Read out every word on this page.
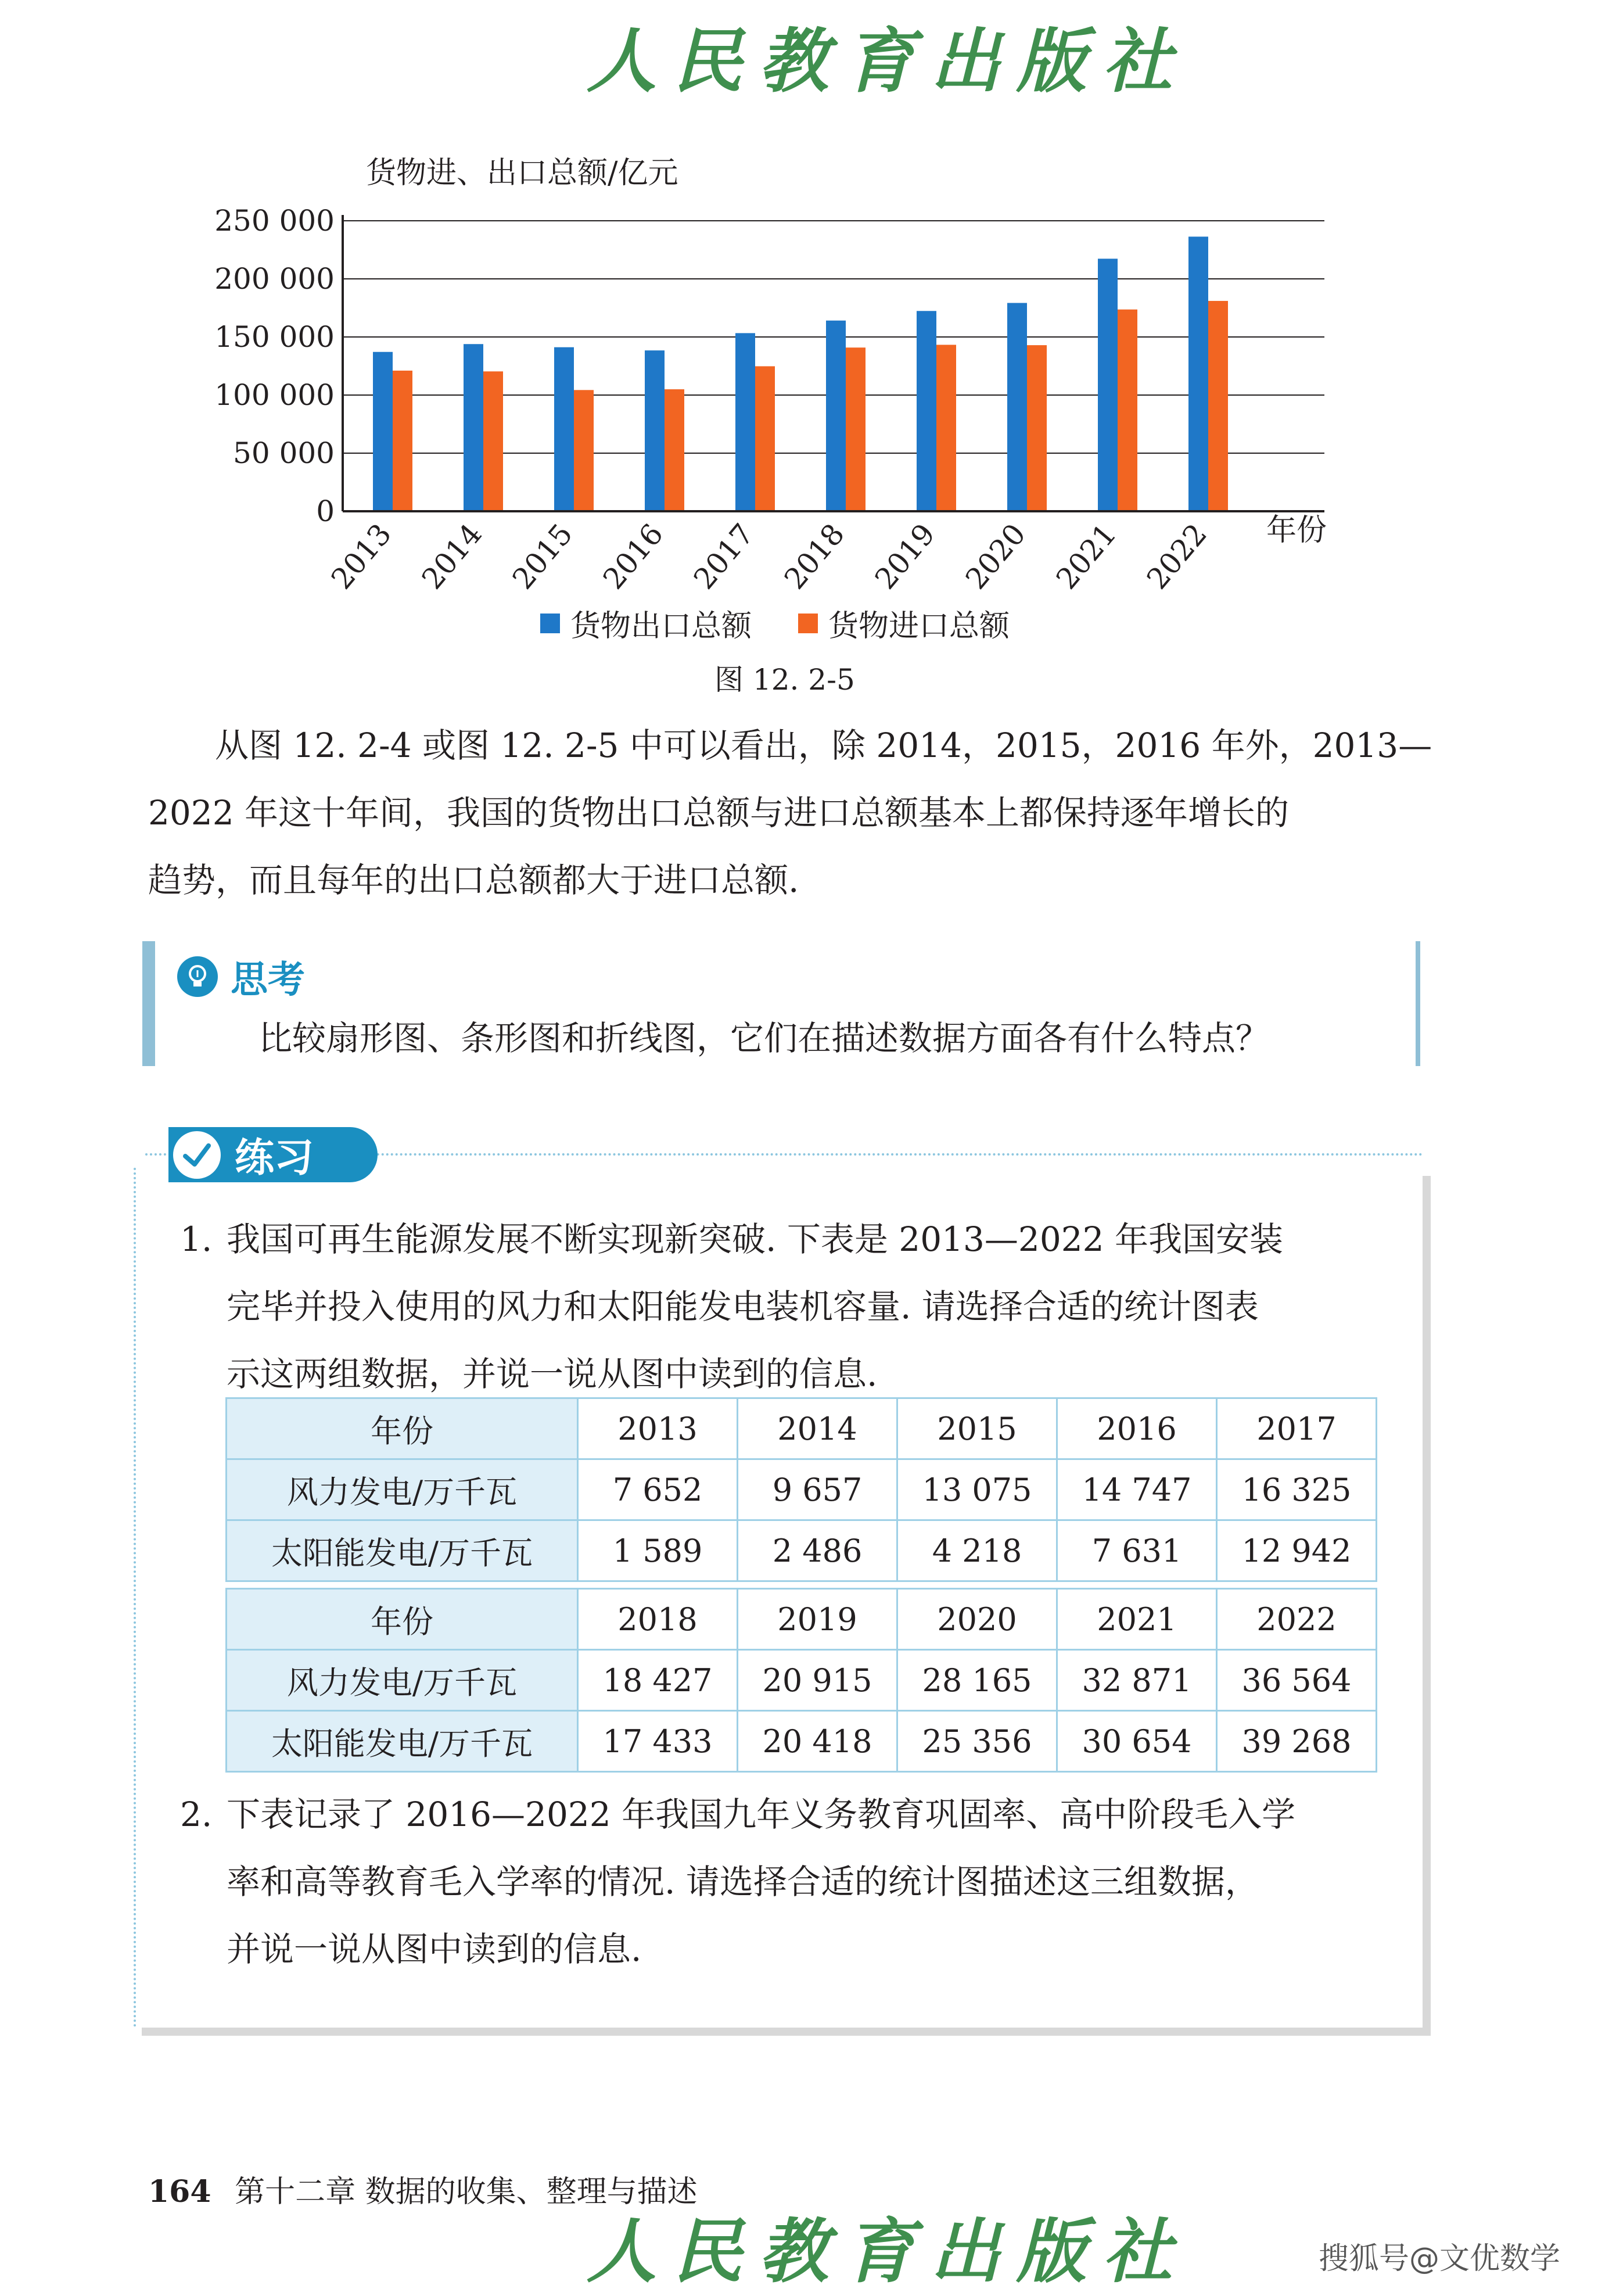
人民教育出版社
货物进、出口总额/亿元
0
50 000
100 000
150 000
200 000
250 000
2013 2014 2015 2016 2017 2018 2019 2020 2021 2022 年份
货物出口总额	货物进口总额
图 12. 2-5
从图 12. 2-4 或图 12. 2-5 中可以看出，除 2014，2015，2016 年外，2013—
2022 年这十年间，我国的货物出口总额与进口总额基本上都保持逐年增长的
趋势，而且每年的出口总额都大于进口总额.
思考
比较扇形图、条形图和折线图，它们在描述数据方面各有什么特点？
练习
1. 我国可再生能源发展不断实现新突破. 下表是 2013—2022 年我国安装
完毕并投入使用的风力和太阳能发电装机容量. 请选择合适的统计图表
示这两组数据，并说一说从图中读到的信息.
年份	2013	2014	2015	2016	2017
风力发电/万千瓦	7 652	9 657	13 075	14 747	16 325
太阳能发电/万千瓦	1 589	2 486	4 218	7 631	12 942
年份	2018	2019	2020	2021	2022
风力发电/万千瓦	18 427	20 915	28 165	32 871	36 564
太阳能发电/万千瓦	17 433	20 418	25 356	30 654	39 268
2. 下表记录了 2016—2022 年我国九年义务教育巩固率、高中阶段毛入学
率和高等教育毛入学率的情况. 请选择合适的统计图描述这三组数据，
并说一说从图中读到的信息.
164 第十二章 数据的收集、整理与描述
人民教育出版社	搜狐号@文优数学
